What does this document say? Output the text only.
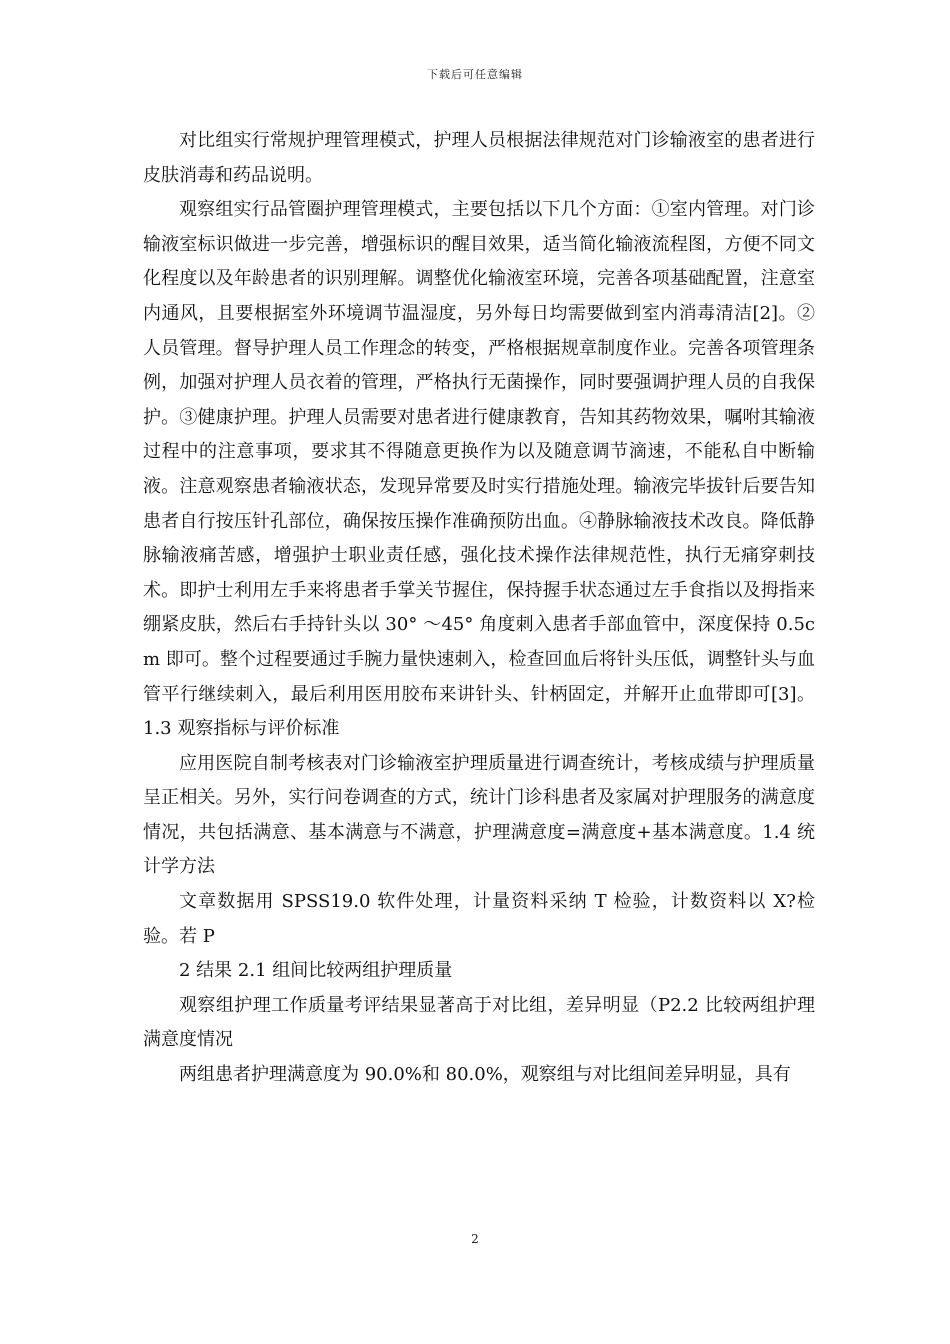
下载后可任意编辑

对比组实行常规护理管理模式，护理人员根据法律规范对门诊输液室的患者进行皮肤消毒和药品说明。

观察组实行品管圈护理管理模式，主要包括以下几个方面：①室内管理。对门诊输液室标识做进一步完善，增强标识的醒目效果，适当简化输液流程图，方便不同文化程度以及年龄患者的识别理解。调整优化输液室环境，完善各项基础配置，注意室内通风，且要根据室外环境调节温湿度，另外每日均需要做到室内消毒清洁[2]。②人员管理。督导护理人员工作理念的转变，严格根据规章制度作业。完善各项管理条例，加强对护理人员衣着的管理，严格执行无菌操作，同时要强调护理人员的自我保护。③健康护理。护理人员需要对患者进行健康教育，告知其药物效果，嘱咐其输液过程中的注意事项，要求其不得随意更换作为以及随意调节滴速，不能私自中断输液。注意观察患者输液状态，发现异常要及时实行措施处理。输液完毕拔针后要告知患者自行按压针孔部位，确保按压操作准确预防出血。④静脉输液技术改良。降低静脉输液痛苦感，增强护士职业责任感，强化技术操作法律规范性，执行无痛穿刺技术。即护士利用左手来将患者手掌关节握住，保持握手状态通过左手食指以及拇指来绷紧皮肤，然后右手持针头以 30° ～45° 角度刺入患者手部血管中，深度保持 0.5cm 即可。整个过程要通过手腕力量快速刺入，检查回血后将针头压低，调整针头与血管平行继续刺入，最后利用医用胶布来讲针头、针柄固定，并解开止血带即可[3]。1.3 观察指标与评价标准

应用医院自制考核表对门诊输液室护理质量进行调查统计，考核成绩与护理质量呈正相关。另外，实行问卷调查的方式，统计门诊科患者及家属对护理服务的满意度情况，共包括满意、基本满意与不满意，护理满意度=满意度+基本满意度。1.4 统计学方法

文章数据用 SPSS19.0 软件处理，计量资料采纳 T 检验，计数资料以 X?检验。若 P

2 结果 2.1 组间比较两组护理质量

观察组护理工作质量考评结果显著高于对比组，差异明显（P2.2 比较两组护理满意度情况

两组患者护理满意度为 90.0%和 80.0%，观察组与对比组间差异明显，具有

2
